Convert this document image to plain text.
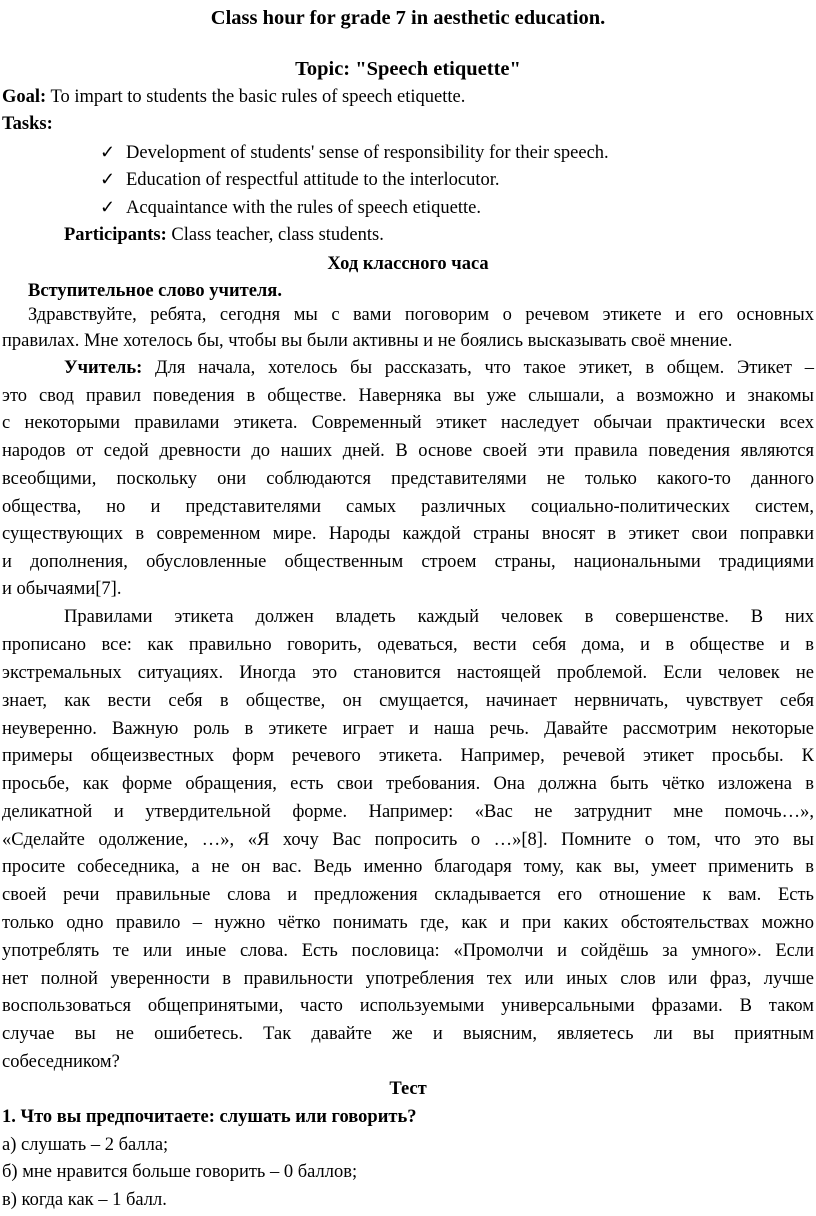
Class hour for grade 7 in aesthetic education.
Topic: "Speech etiquette"
Goal: To impart to students the basic rules of speech etiquette.
Tasks:
✓ Development of students' sense of responsibility for their speech.
✓ Education of respectful attitude to the interlocutor.
✓ Acquaintance with the rules of speech etiquette.
Participants: Class teacher, class students.
Ход классного часа
Вступительное слово учителя.
Здравствуйте, ребята, сегодня мы с вами поговорим о речевом этикете и его основных
правилах. Мне хотелось бы, чтобы вы были активны и не боялись высказывать своё мнение.
Учитель: Для начала, хотелось бы рассказать, что такое этикет, в общем. Этикет –
это свод правил поведения в обществе. Наверняка вы уже слышали, а возможно и знакомы
с некоторыми правилами этикета. Современный этикет наследует обычаи практически всех
народов от седой древности до наших дней. В основе своей эти правила поведения являются
всеобщими, поскольку они соблюдаются представителями не только какого-то данного
общества, но и представителями самых различных социально-политических систем,
существующих в современном мире. Народы каждой страны вносят в этикет свои поправки
и дополнения, обусловленные общественным строем страны, национальными традициями
и обычаями[7].
Правилами этикета должен владеть каждый человек в совершенстве. В них
прописано все: как правильно говорить, одеваться, вести себя дома, и в обществе и в
экстремальных ситуациях. Иногда это становится настоящей проблемой. Если человек не
знает, как вести себя в обществе, он смущается, начинает нервничать, чувствует себя
неуверенно. Важную роль в этикете играет и наша речь. Давайте рассмотрим некоторые
примеры общеизвестных форм речевого этикета. Например, речевой этикет просьбы. К
просьбе, как форме обращения, есть свои требования. Она должна быть чётко изложена в
деликатной и утвердительной форме. Например: «Вас не затруднит мне помочь…»,
«Сделайте одолжение, …», «Я хочу Вас попросить о …»[8]. Помните о том, что это вы
просите собеседника, а не он вас. Ведь именно благодаря тому, как вы, умеет применить в
своей речи правильные слова и предложения складывается его отношение к вам. Есть
только одно правило – нужно чётко понимать где, как и при каких обстоятельствах можно
употреблять те или иные слова. Есть пословица: «Промолчи и сойдёшь за умного». Если
нет полной уверенности в правильности употребления тех или иных слов или фраз, лучше
воспользоваться общепринятыми, часто используемыми универсальными фразами. В таком
случае вы не ошибетесь. Так давайте же и выясним, являетесь ли вы приятным
собеседником?
Тест
1. Что вы предпочитаете: слушать или говорить?
а) слушать – 2 балла;
б) мне нравится больше говорить – 0 баллов;
в) когда как – 1 балл.
